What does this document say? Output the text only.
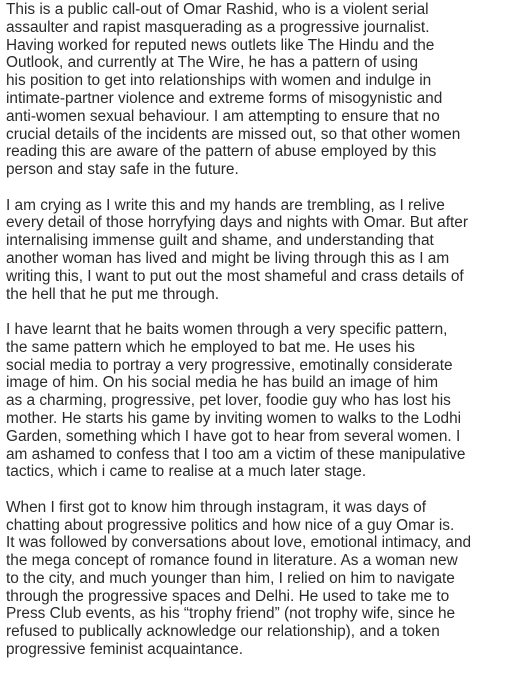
This is a public call-out of Omar Rashid, who is a violent serial
assaulter and rapist masquerading as a progressive journalist.
Having worked for reputed news outlets like The Hindu and the
Outlook, and currently at The Wire, he has a pattern of using
his position to get into relationships with women and indulge in
intimate-partner violence and extreme forms of misogynistic and
anti-women sexual behaviour. I am attempting to ensure that no
crucial details of the incidents are missed out, so that other women
reading this are aware of the pattern of abuse employed by this
person and stay safe in the future.

I am crying as I write this and my hands are trembling, as I relive
every detail of those horryfying days and nights with Omar. But after
internalising immense guilt and shame, and understanding that
another woman has lived and might be living through this as I am
writing this, I want to put out the most shameful and crass details of
the hell that he put me through.

I have learnt that he baits women through a very specific pattern,
the same pattern which he employed to bat me. He uses his
social media to portray a very progressive, emotinally considerate
image of him. On his social media he has build an image of him
as a charming, progressive, pet lover, foodie guy who has lost his
mother. He starts his game by inviting women to walks to the Lodhi
Garden, something which I have got to hear from several women. I
am ashamed to confess that I too am a victim of these manipulative
tactics, which i came to realise at a much later stage.

When I first got to know him through instagram, it was days of
chatting about progressive politics and how nice of a guy Omar is.
It was followed by conversations about love, emotional intimacy, and
the mega concept of romance found in literature. As a woman new
to the city, and much younger than him, I relied on him to navigate
through the progressive spaces and Delhi. He used to take me to
Press Club events, as his “trophy friend” (not trophy wife, since he
refused to publically acknowledge our relationship), and a token
progressive feminist acquaintance.
